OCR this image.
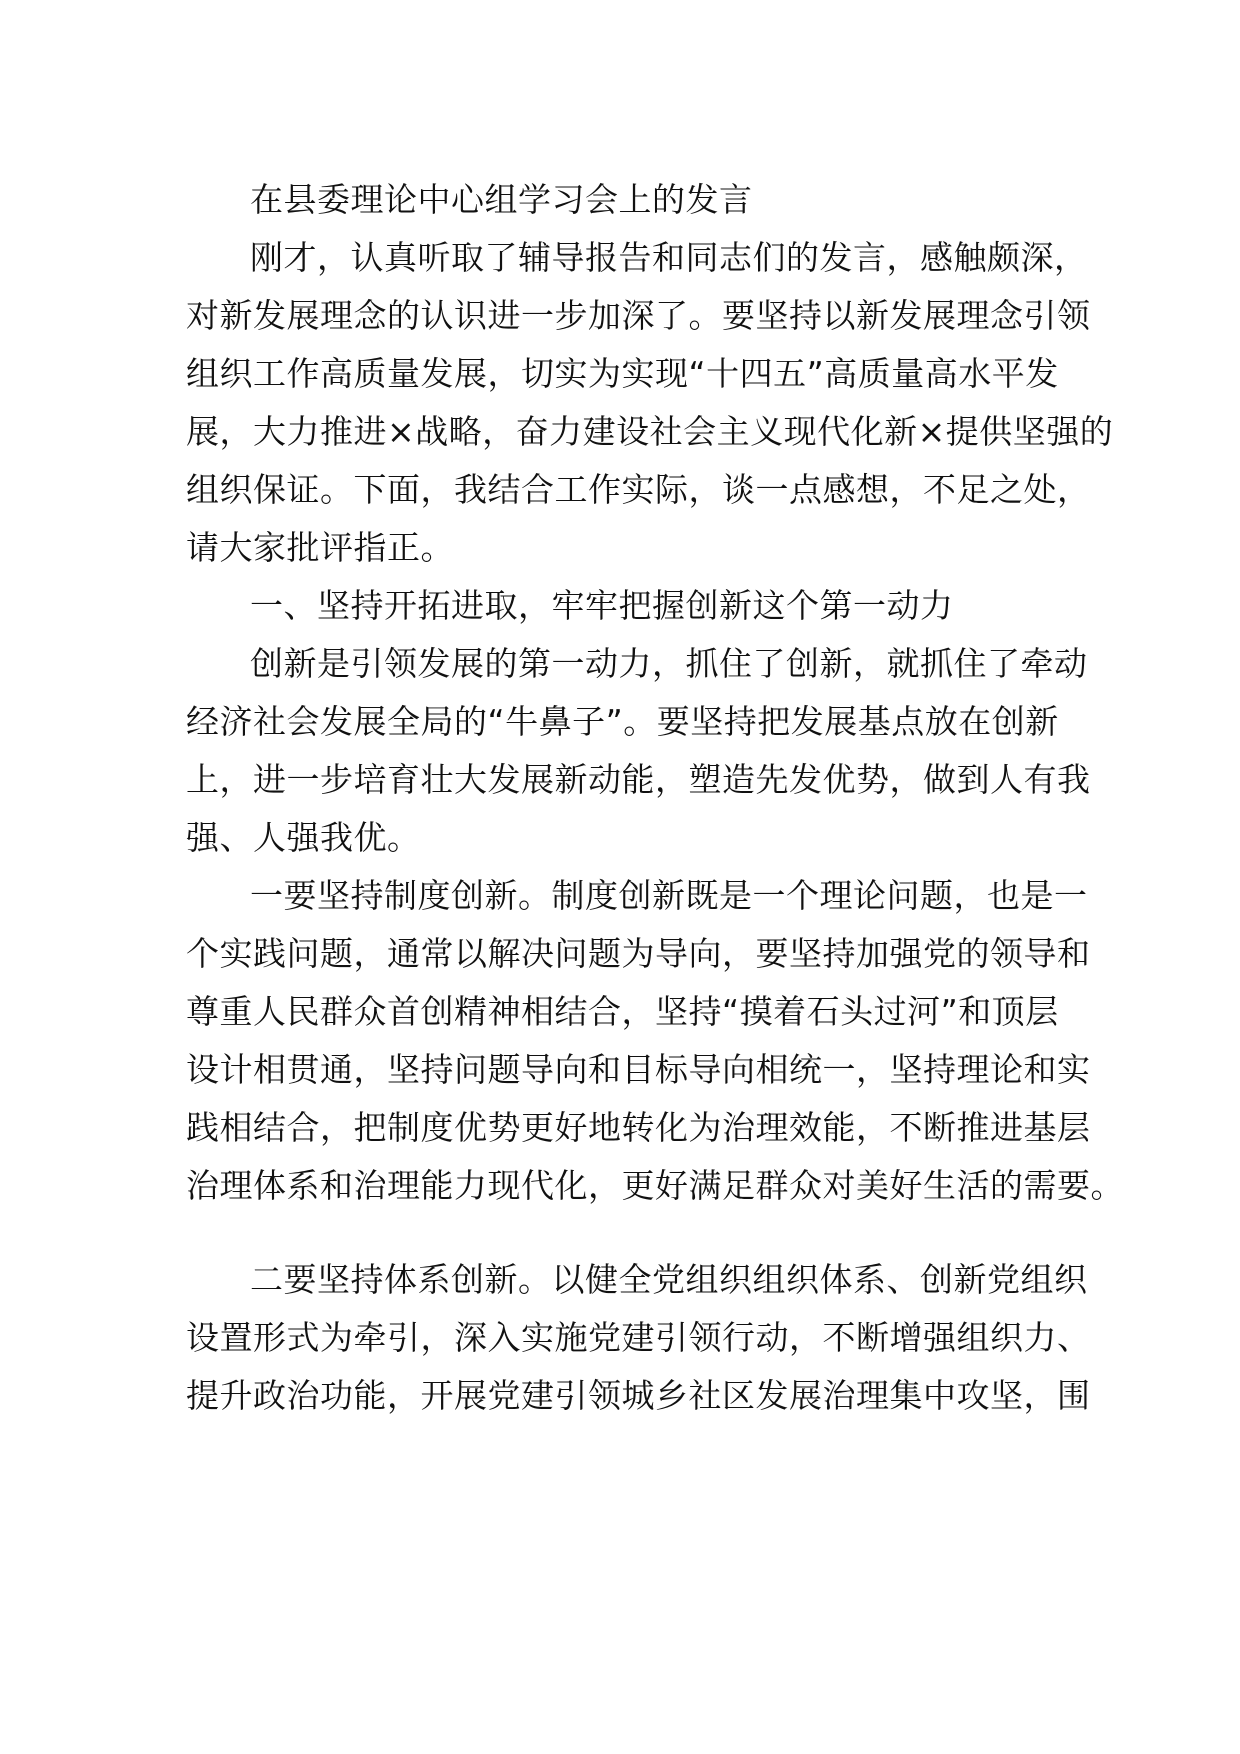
在县委理论中心组学习会上的发言
刚才，认真听取了辅导报告和同志们的发言，感触颇深，
对新发展理念的认识进一步加深了。要坚持以新发展理念引领
组织工作高质量发展，切实为实现“十四五”高质量高水平发
展，大力推进×战略，奋力建设社会主义现代化新×提供坚强的
组织保证。下面，我结合工作实际，谈一点感想，不足之处，
请大家批评指正。
一、坚持开拓进取，牢牢把握创新这个第一动力
创新是引领发展的第一动力，抓住了创新，就抓住了牵动
经济社会发展全局的“牛鼻子”。要坚持把发展基点放在创新
上，进一步培育壮大发展新动能，塑造先发优势，做到人有我
强、人强我优。
一要坚持制度创新。制度创新既是一个理论问题，也是一
个实践问题，通常以解决问题为导向，要坚持加强党的领导和
尊重人民群众首创精神相结合，坚持“摸着石头过河”和顶层
设计相贯通，坚持问题导向和目标导向相统一，坚持理论和实
践相结合，把制度优势更好地转化为治理效能，不断推进基层
治理体系和治理能力现代化，更好满足群众对美好生活的需要。
二要坚持体系创新。以健全党组织组织体系、创新党组织
设置形式为牵引，深入实施党建引领行动，不断增强组织力、
提升政治功能，开展党建引领城乡社区发展治理集中攻坚，围
